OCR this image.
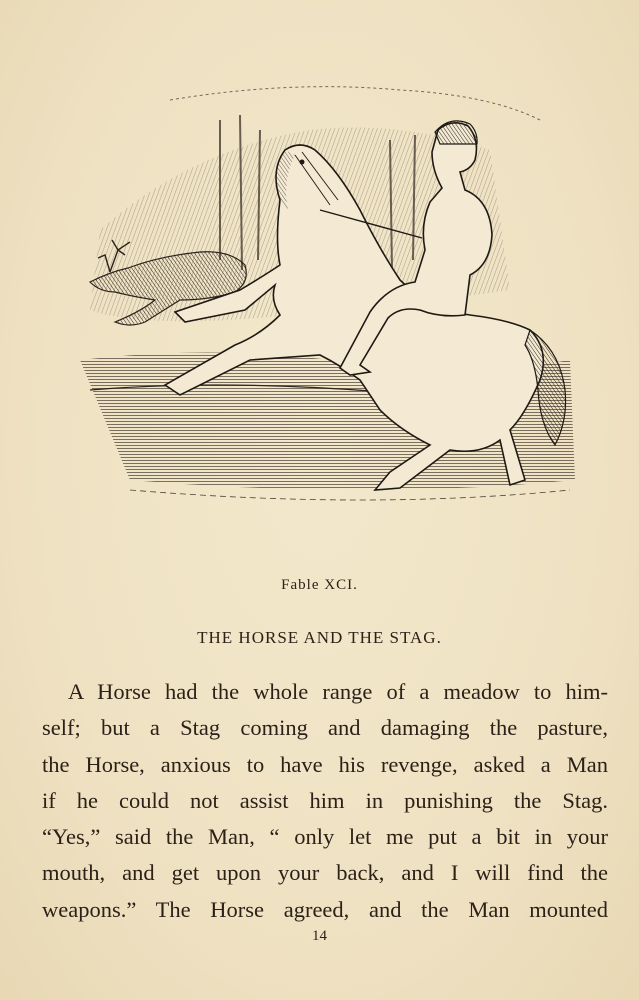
Fable XCI.
THE HORSE AND THE STAG.
A Horse had the whole range of a meadow to him-
self; but a Stag coming and damaging the pasture,
the Horse, anxious to have his revenge, asked a Man
if he could not assist him in punishing the Stag.
“Yes,” said the Man, “ only let me put a bit in your
mouth, and get upon your back, and I will find the
weapons.” The Horse agreed, and the Man mounted
14
